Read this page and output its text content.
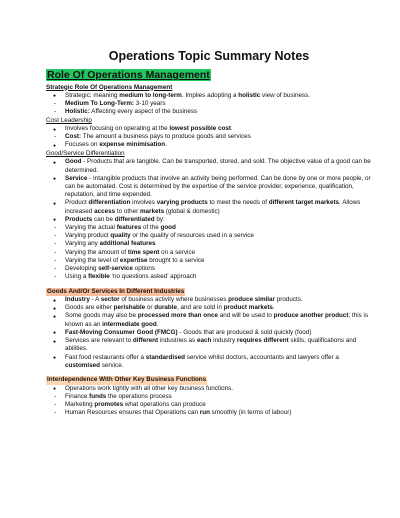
Operations Topic Summary Notes
Role Of Operations Management
Strategic Role Of Operations Management
● Strategic; meaning medium to long-term. Implies adopting a holistic view of business.
- Medium To Long-Term: 3-10 years
- Holistic: Affecting every aspect of the business
Cost Leadership
● Involves focusing on operating at the lowest possible cost.
- Cost: The amount a business pays to produce goods and services
● Focuses on expense minimisation.
Good/Service Differentiation
● Good - Products that are tangible. Can be transported, stored, and sold. The objective value of a good can be determined.
● Service - Intangible products that involve an activity being performed. Can be done by one or more people, or can be automated. Cost is determined by the expertise of the service provider, experience, qualification, reputation, and time expended.
● Product differentiation involves varying products to meet the needs of different target markets. Allows increased access to other markets (global & domestic)
● Products can be differentiated by:
- Varying the actual features of the good
- Varying product quality or the quality of resources used in a service
- Varying any additional features
- Varying the amount of time spent on a service
- Varying the level of expertise brought to a service
- Developing self-service options
- Using a flexible ‘no questions asked’ approach
Goods And/Or Services In Different Industries
● Industry - A sector of business activity where businesses produce similar products.
● Goods are either perishable or durable, and are sold in product markets.
● Some goods may also be processed more than once and will be used to produce another product; this is known as an intermediate good.
● Fast-Moving Consumer Good (FMCG) - Goods that are produced & sold quickly (food)
● Services are relevant to different industries as each industry requires different skills, qualifications and abilities.
● Fast food restaurants offer a standardised service whilst doctors, accountants and lawyers offer a customised service.
Interdependence With Other Key Business Functions
● Operations work tightly with all other key business functions.
- Finance funds the operations process
- Marketing promotes what operations can produce
- Human Resources ensures that Operations can run smoothly (in terms of labour)
